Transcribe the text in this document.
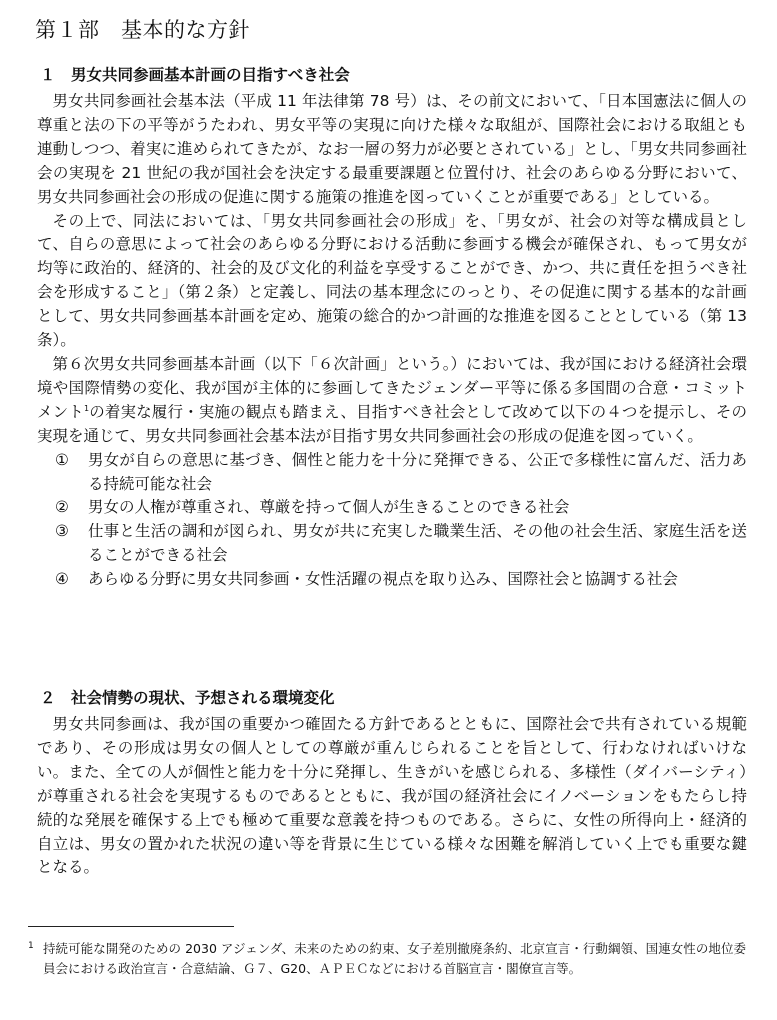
第１部　基本的な方針
１　男女共同参画基本計画の目指すべき社会

男女共同参画社会基本法（平成 11 年法律第 78 号）は、その前文において、「日本国憲法に個人の尊重と法の下の平等がうたわれ、男女平等の実現に向けた様々な取組が、国際社会における取組とも連動しつつ、着実に進められてきたが、なお一層の努力が必要とされている」とし、「男女共同参画社会の実現を 21 世紀の我が国社会を決定する最重要課題と位置付け、社会のあらゆる分野において、男女共同参画社会の形成の促進に関する施策の推進を図っていくことが重要である」としている。

その上で、同法においては、「男女共同参画社会の形成」を、「男女が、社会の対等な構成員として、自らの意思によって社会のあらゆる分野における活動に参画する機会が確保され、もって男女が均等に政治的、経済的、社会的及び文化的利益を享受することができ、かつ、共に責任を担うべき社会を形成すること」（第２条）と定義し、同法の基本理念にのっとり、その促進に関する基本的な計画として、男女共同参画基本計画を定め、施策の総合的かつ計画的な推進を図ることとしている（第 13 条）。

第６次男女共同参画基本計画（以下「６次計画」という。）においては、我が国における経済社会環境や国際情勢の変化、我が国が主体的に参画してきたジェンダー平等に係る多国間の合意・コミットメント$^1$の着実な履行・実施の観点も踏まえ、目指すべき社会として改めて以下の４つを提示し、その実現を通じて、男女共同参画社会基本法が目指す男女共同参画社会の形成の促進を図っていく。

① 男女が自らの意思に基づき、個性と能力を十分に発揮できる、公正で多様性に富んだ、活力ある持続可能な社会
② 男女の人権が尊重され、尊厳を持って個人が生きることのできる社会
③ 仕事と生活の調和が図られ、男女が共に充実した職業生活、その他の社会生活、家庭生活を送ることができる社会
④ あらゆる分野に男女共同参画・女性活躍の視点を取り込み、国際社会と協調する社会
２　社会情勢の現状、予想される環境変化

男女共同参画は、我が国の重要かつ確固たる方針であるとともに、国際社会で共有されている規範であり、その形成は男女の個人としての尊厳が重んじられることを旨として、行わなければいけない。また、全ての人が個性と能力を十分に発揮し、生きがいを感じられる、多様性（ダイバーシティ）が尊重される社会を実現するものであるとともに、我が国の経済社会にイノベーションをもたらし持続的な発展を確保する上でも極めて重要な意義を持つものである。さらに、女性の所得向上・経済的自立は、男女の置かれた状況の違い等を背景に生じている様々な困難を解消していく上でも重要な鍵となる。

1 持続可能な開発のための 2030 アジェンダ、未来のための約束、女子差別撤廃条約、北京宣言・行動綱領、国連女性の地位委員会における政治宣言・合意結論、Ｇ７、G20、ＡＰＥＣなどにおける首脳宣言・閣僚宣言等。
